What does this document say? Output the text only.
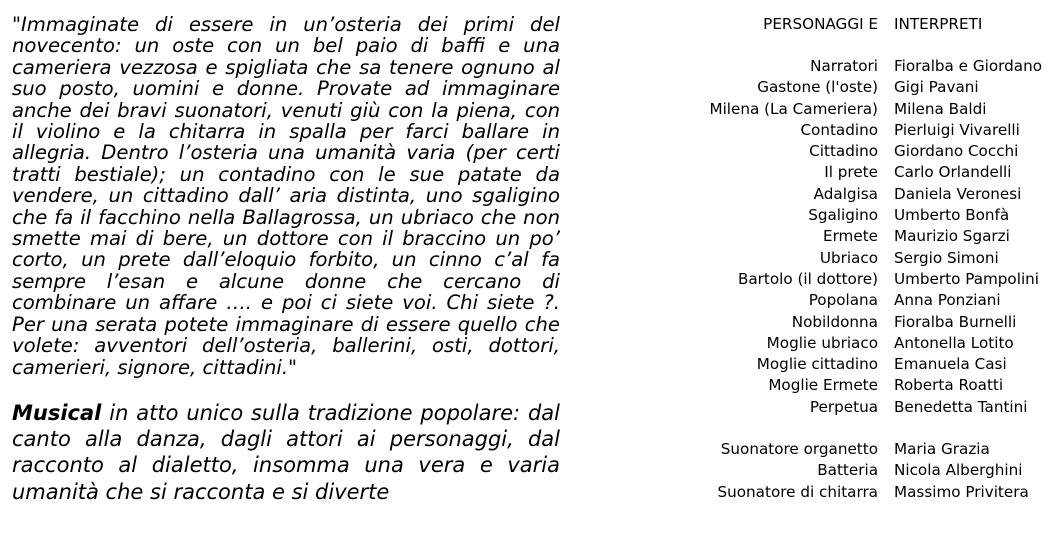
"Immaginate di essere in un’osteria dei primi del novecento: un oste con un bel paio di baffi e una cameriera vezzosa e spigliata che sa tenere ognuno al suo posto, uomini e donne. Provate ad immaginare anche dei bravi suonatori, venuti giù con la piena, con il violino e la chitarra in spalla per farci ballare in allegria. Dentro l’osteria una umanità varia (per certi tratti bestiale); un contadino con le sue patate da vendere, un cittadino dall’ aria distinta, uno sgaligino che fa il facchino nella Ballagrossa, un ubriaco che non smette mai di bere, un dottore con il braccino un po’ corto, un prete dall’eloquio forbito, un cinno c’al fa sempre l’esan e alcune donne che cercano di combinare un affare …. e poi ci siete voi. Chi siete ?. Per una serata potete immaginare di essere quello che volete: avventori dell’osteria, ballerini, osti, dottori, camerieri, signore, cittadini."

Musical in atto unico sulla tradizione popolare: dal canto alla danza, dagli attori ai personaggi, dal racconto al dialetto, insomma una vera e varia umanità che si racconta e si diverte

PERSONAGGI E INTERPRETI
Narratori Fioralba e Giordano
Gastone (l'oste) Gigi Pavani
Milena (La Cameriera) Milena Baldi
Contadino Pierluigi Vivarelli
Cittadino Giordano Cocchi
Il prete Carlo Orlandelli
Adalgisa Daniela Veronesi
Sgaligino Umberto Bonfà
Ermete Maurizio Sgarzi
Ubriaco Sergio Simoni
Bartolo (il dottore) Umberto Pampolini
Popolana Anna Ponziani
Nobildonna Fioralba Burnelli
Moglie ubriaco Antonella Lotito
Moglie cittadino Emanuela Casi
Moglie Ermete Roberta Roatti
Perpetua Benedetta Tantini
Suonatore organetto Maria Grazia
Batteria Nicola Alberghini
Suonatore di chitarra Massimo Privitera
